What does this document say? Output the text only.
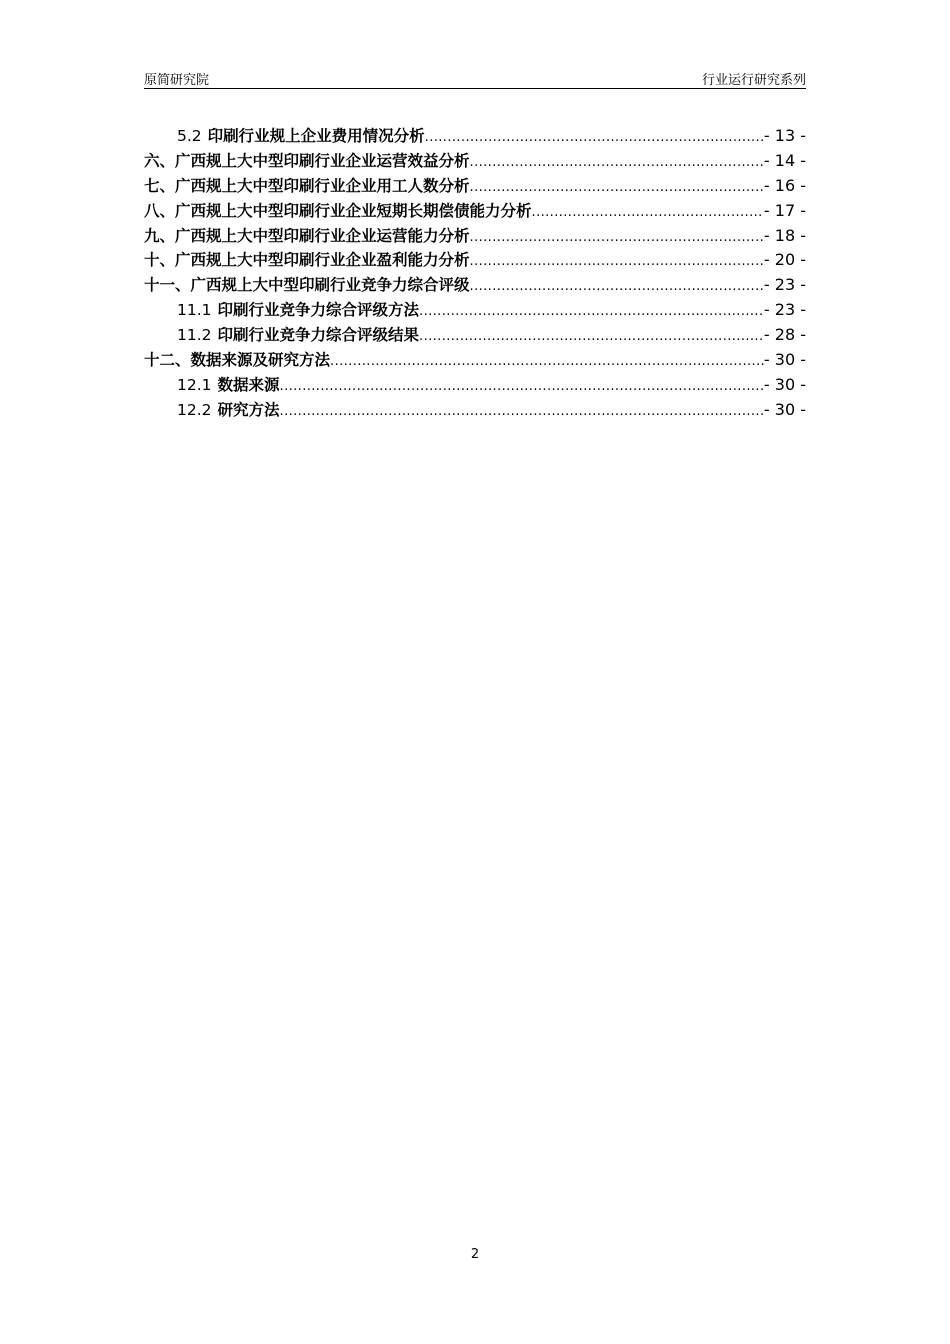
原简研究院	行业运行研究系列
5.2 印刷行业规上企业费用情况分析 .....	- 13 -
六、广西规上大中型印刷行业企业运营效益分析 .....	- 14 -
七、广西规上大中型印刷行业企业用工人数分析 .....	- 16 -
八、广西规上大中型印刷行业企业短期长期偿债能力分析 .....	- 17 -
九、广西规上大中型印刷行业企业运营能力分析 .....	- 18 -
十、广西规上大中型印刷行业企业盈利能力分析 .....	- 20 -
十一、广西规上大中型印刷行业竞争力综合评级 .....	- 23 -
11.1 印刷行业竞争力综合评级方法 .....	- 23 -
11.2 印刷行业竞争力综合评级结果 .....	- 28 -
十二、数据来源及研究方法 .....	- 30 -
12.1 数据来源 .....	- 30 -
12.2 研究方法 .....	- 30 -
2
